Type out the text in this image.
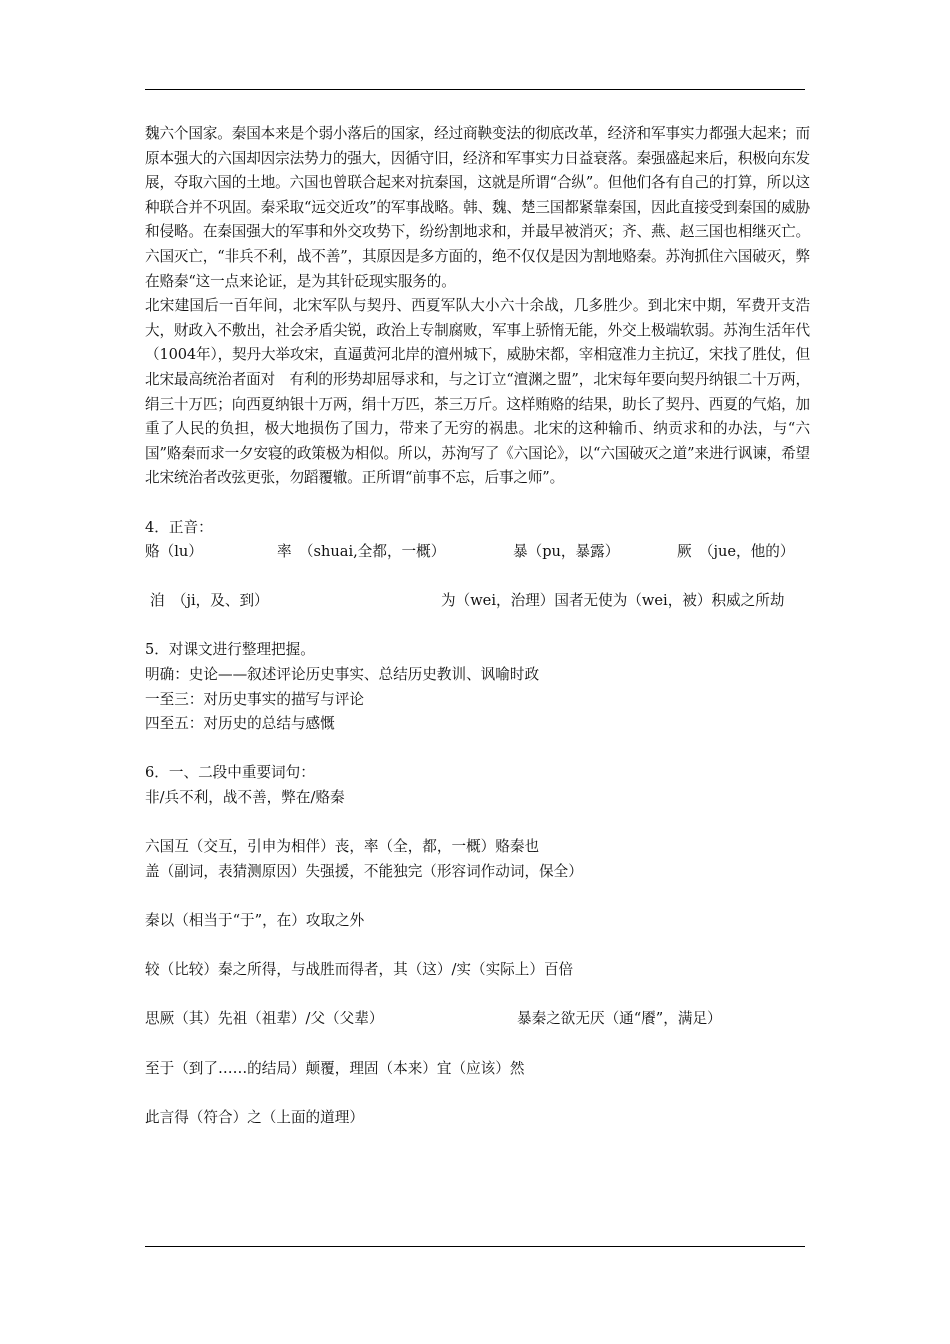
魏六个国家。秦国本来是个弱小落后的国家，经过商鞅变法的彻底改革，经济和军事实力都强大起来；而原本强大的六国却因宗法势力的强大，因循守旧，经济和军事实力日益衰落。秦强盛起来后，积极向东发展，夺取六国的土地。六国也曾联合起来对抗秦国，这就是所谓“合纵”。但他们各有自己的打算，所以这种联合并不巩固。秦采取“远交近攻”的军事战略。韩、魏、楚三国都紧靠秦国，因此直接受到秦国的威胁和侵略。在秦国强大的军事和外交攻势下，纷纷割地求和，并最早被消灭；齐、燕、赵三国也相继灭亡。六国灭亡，“非兵不利，战不善”，其原因是多方面的，绝不仅仅是因为割地赂秦。苏洵抓住六国破灭，弊在赂秦“这一点来论证，是为其针砭现实服务的。

北宋建国后一百年间，北宋军队与契丹、西夏军队大小六十余战，几多胜少。到北宋中期，军费开支浩大，财政入不敷出，社会矛盾尖锐，政治上专制腐败，军事上骄惰无能，外交上极端软弱。苏洵生活年代（1004年），契丹大举攻宋，直逼黄河北岸的澶州城下，威胁宋都，宰相寇准力主抗辽，宋找了胜仗，但北宋最高统治者面对　有利的形势却屈辱求和，与之订立“澶渊之盟”，北宋每年要向契丹纳银二十万两，绢三十万匹；向西夏纳银十万两，绢十万匹，茶三万斤。这样贿赂的结果，助长了契丹、西夏的气焰，加重了人民的负担，极大地损伤了国力，带来了无穷的祸患。北宋的这种输币、纳贡求和的办法，与“六国”赂秦而求一夕安寝的政策极为相似。所以，苏洵写了《六国论》，以“六国破灭之道”来进行讽谏，希望北宋统治者改弦更张，勿蹈覆辙。正所谓“前事不忘，后事之师”。

4．正音：

赂（lu）	率　（shuai,全都，一概）	暴（pu，暴露）	厥　（jue，他的）
洎　（ji，及、到）	为（wei，治理）国者无使为（wei，被）积威之所劫

5．对课文进行整理把握。

明确：史论——叙述评论历史事实、总结历史教训、讽喻时政

一至三：对历史事实的描写与评论

四至五：对历史的总结与感慨

6．一、二段中重要词句：

非/兵不利，战不善，弊在/赂秦

六国互（交互，引申为相伴）丧，率（全，都，一概）赂秦也

盖（副词，表猜测原因）失强援，不能独完（形容词作动词，保全）

秦以（相当于“于”，在）攻取之外

较（比较）秦之所得，与战胜而得者，其（这）/实（实际上）百倍

思厥（其）先祖（祖辈）/父（父辈）	暴秦之欲无厌（通“餍”，满足）

至于（到了……的结局）颠覆，理固（本来）宜（应该）然

此言得（符合）之（上面的道理）
